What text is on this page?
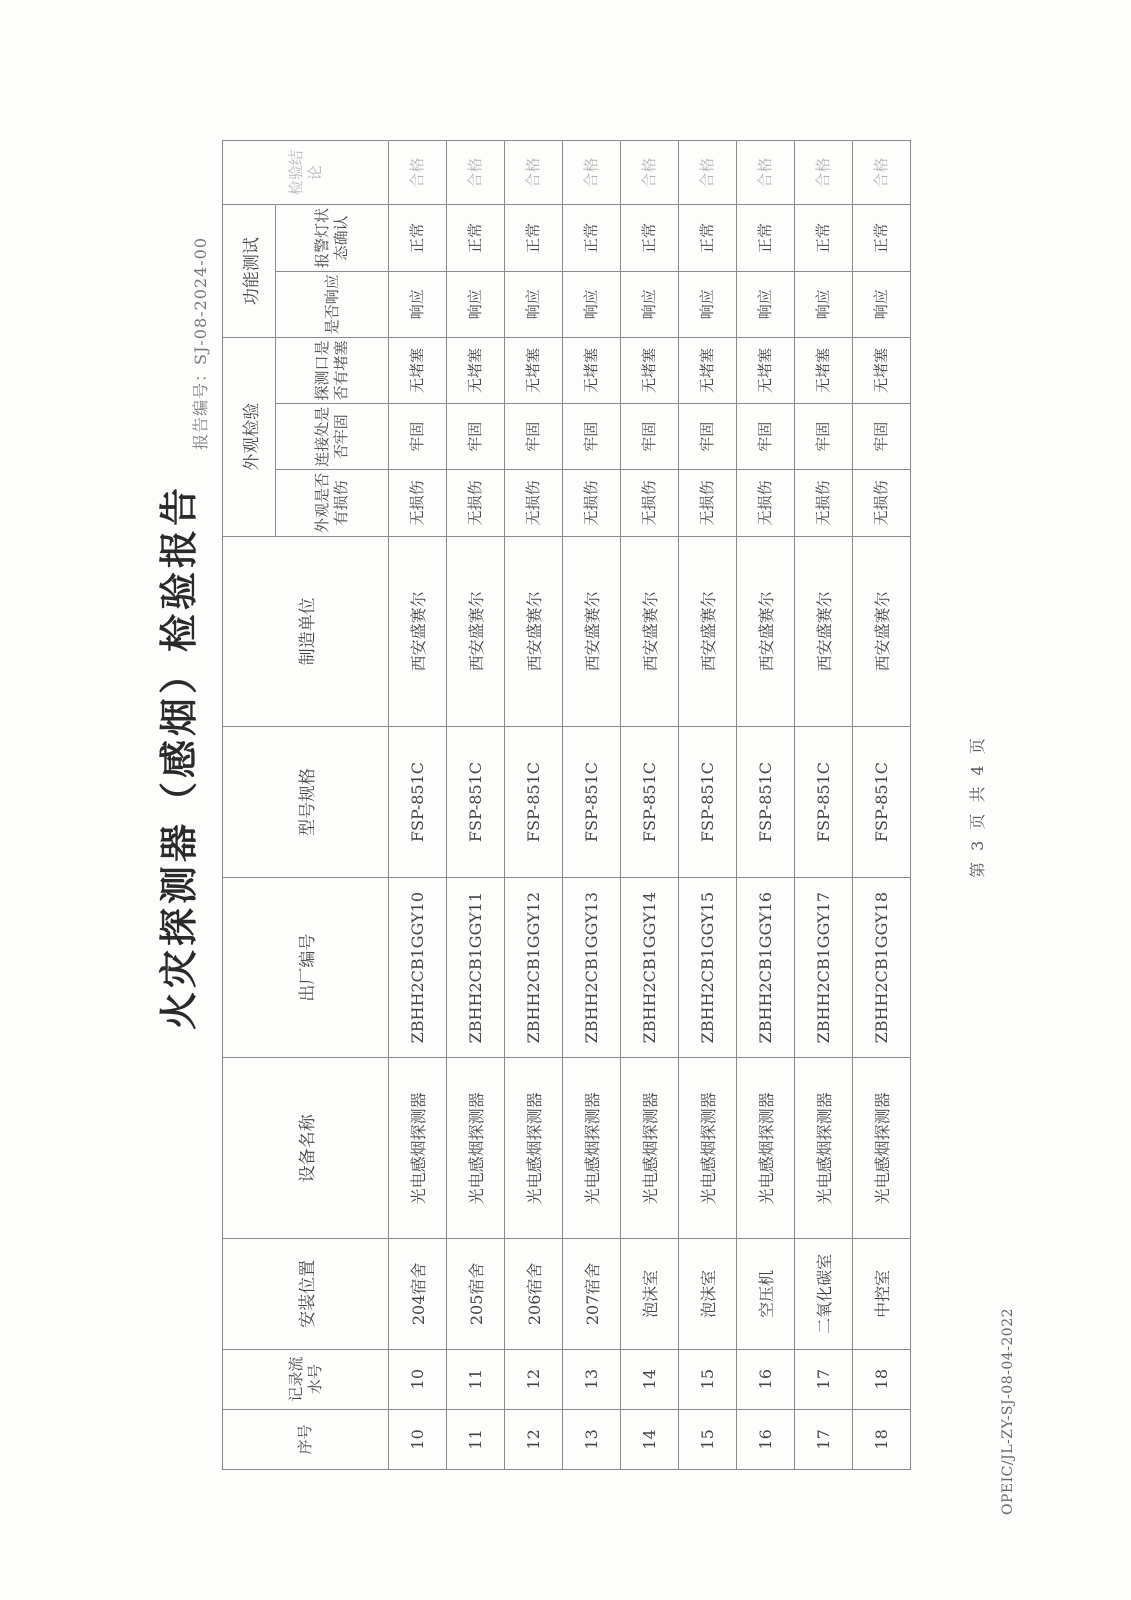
OPEIC/JL-ZY-SJ-08-04-2022
报告编号：SJ-08-2024-00
火灾探测器（感烟）检验报告
序号	记录流水号	安装位置	设备名称	出厂编号	型号规格	制造单位	外观检验			功能测试		检验结论
							外观是否有损伤	连接处是否牢固	探测口是否有堵塞	是否响应	报警灯状态确认	
10	10	204宿舍	光电感烟探测器	ZBHH2CB1GGY10	FSP-851C	西安盛赛尔	无损伤	牢固	无堵塞	响应	正常	合格
11	11	205宿舍	光电感烟探测器	ZBHH2CB1GGY11	FSP-851C	西安盛赛尔	无损伤	牢固	无堵塞	响应	正常	合格
12	12	206宿舍	光电感烟探测器	ZBHH2CB1GGY12	FSP-851C	西安盛赛尔	无损伤	牢固	无堵塞	响应	正常	合格
13	13	207宿舍	光电感烟探测器	ZBHH2CB1GGY13	FSP-851C	西安盛赛尔	无损伤	牢固	无堵塞	响应	正常	合格
14	14	泡沫室	光电感烟探测器	ZBHH2CB1GGY14	FSP-851C	西安盛赛尔	无损伤	牢固	无堵塞	响应	正常	合格
15	15	泡沫室	光电感烟探测器	ZBHH2CB1GGY15	FSP-851C	西安盛赛尔	无损伤	牢固	无堵塞	响应	正常	合格
16	16	空压机	光电感烟探测器	ZBHH2CB1GGY16	FSP-851C	西安盛赛尔	无损伤	牢固	无堵塞	响应	正常	合格
17	17	二氧化碳室	光电感烟探测器	ZBHH2CB1GGY17	FSP-851C	西安盛赛尔	无损伤	牢固	无堵塞	响应	正常	合格
18	18	中控室	光电感烟探测器	ZBHH2CB1GGY18	FSP-851C	西安盛赛尔	无损伤	牢固	无堵塞	响应	正常	合格
第 3 页 共 4 页
